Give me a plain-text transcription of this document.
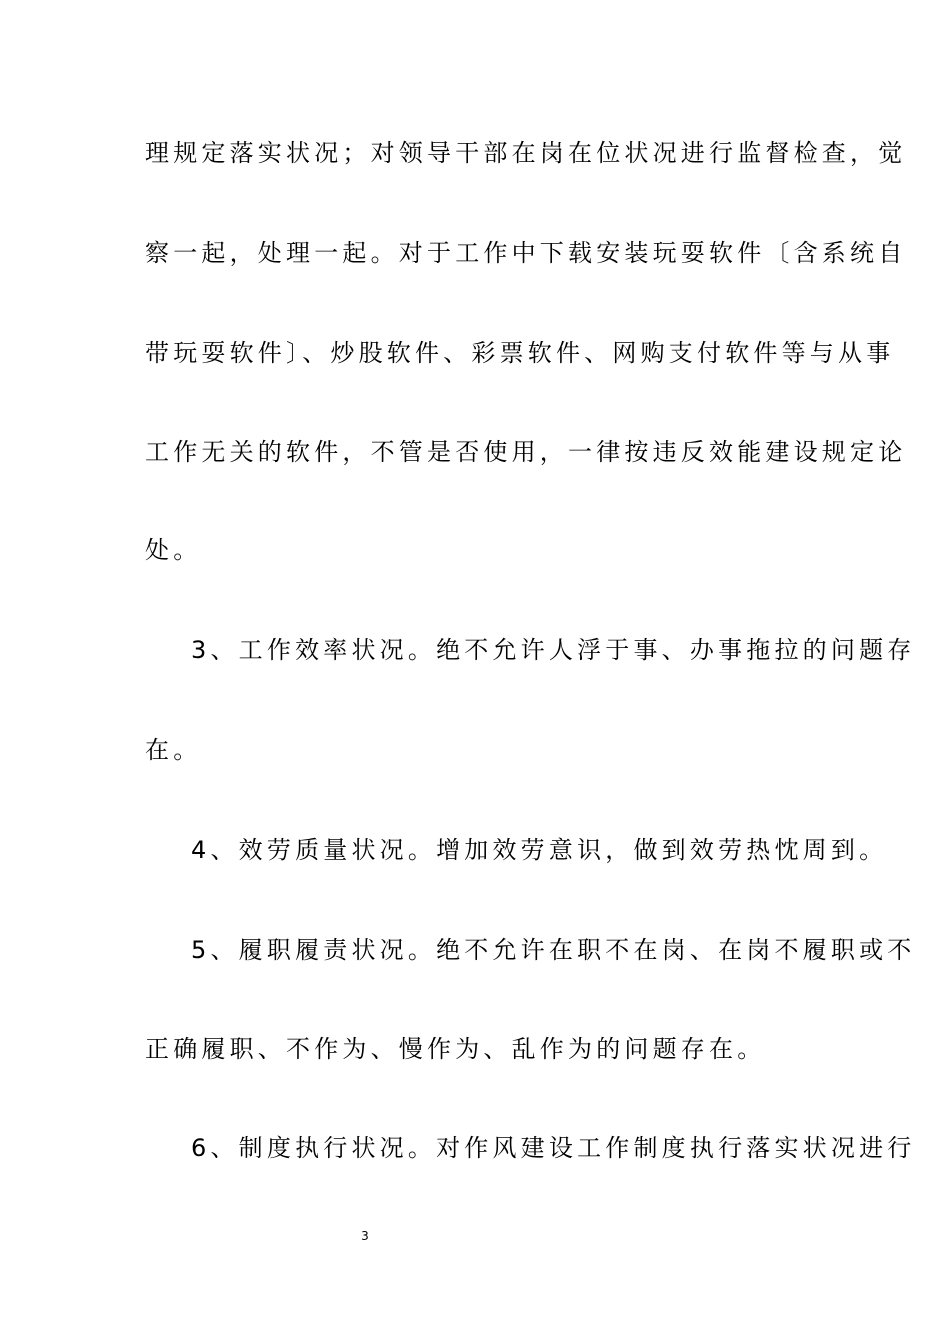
理规定落实状况；对领导干部在岗在位状况进行监督检查，觉
察一起，处理一起。对于工作中下载安装玩耍软件〔含系统自
带玩耍软件〕、炒股软件、彩票软件、网购支付软件等与从事
工作无关的软件，不管是否使用，一律按违反效能建设规定论
处。
3、工作效率状况。绝不允许人浮于事、办事拖拉的问题存
在。
4、效劳质量状况。增加效劳意识，做到效劳热忱周到。
5、履职履责状况。绝不允许在职不在岗、在岗不履职或不
正确履职、不作为、慢作为、乱作为的问题存在。
6、制度执行状况。对作风建设工作制度执行落实状况进行
3
